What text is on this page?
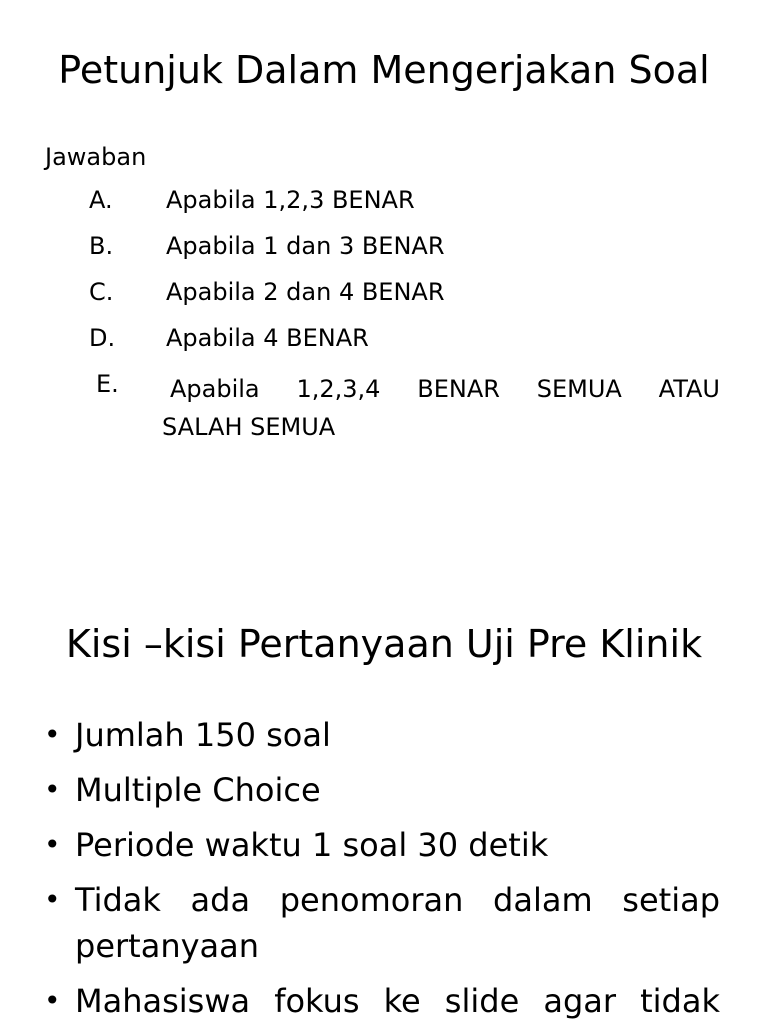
Petunjuk Dalam Mengerjakan Soal
Jawaban
A. Apabila 1,2,3 BENAR
B. Apabila 1 dan 3 BENAR
C. Apabila 2 dan 4 BENAR
D. Apabila 4 BENAR
E.	Apabila 1,2,3,4 BENAR SEMUA ATAU
SALAH SEMUA
Kisi –kisi Pertanyaan Uji Pre Klinik
• Jumlah 150 soal
• Multiple Choice
• Periode waktu 1 soal 30 detik
• Tidak ada penomoran dalam setiap pertanyaan
• Mahasiswa fokus ke slide agar tidak
